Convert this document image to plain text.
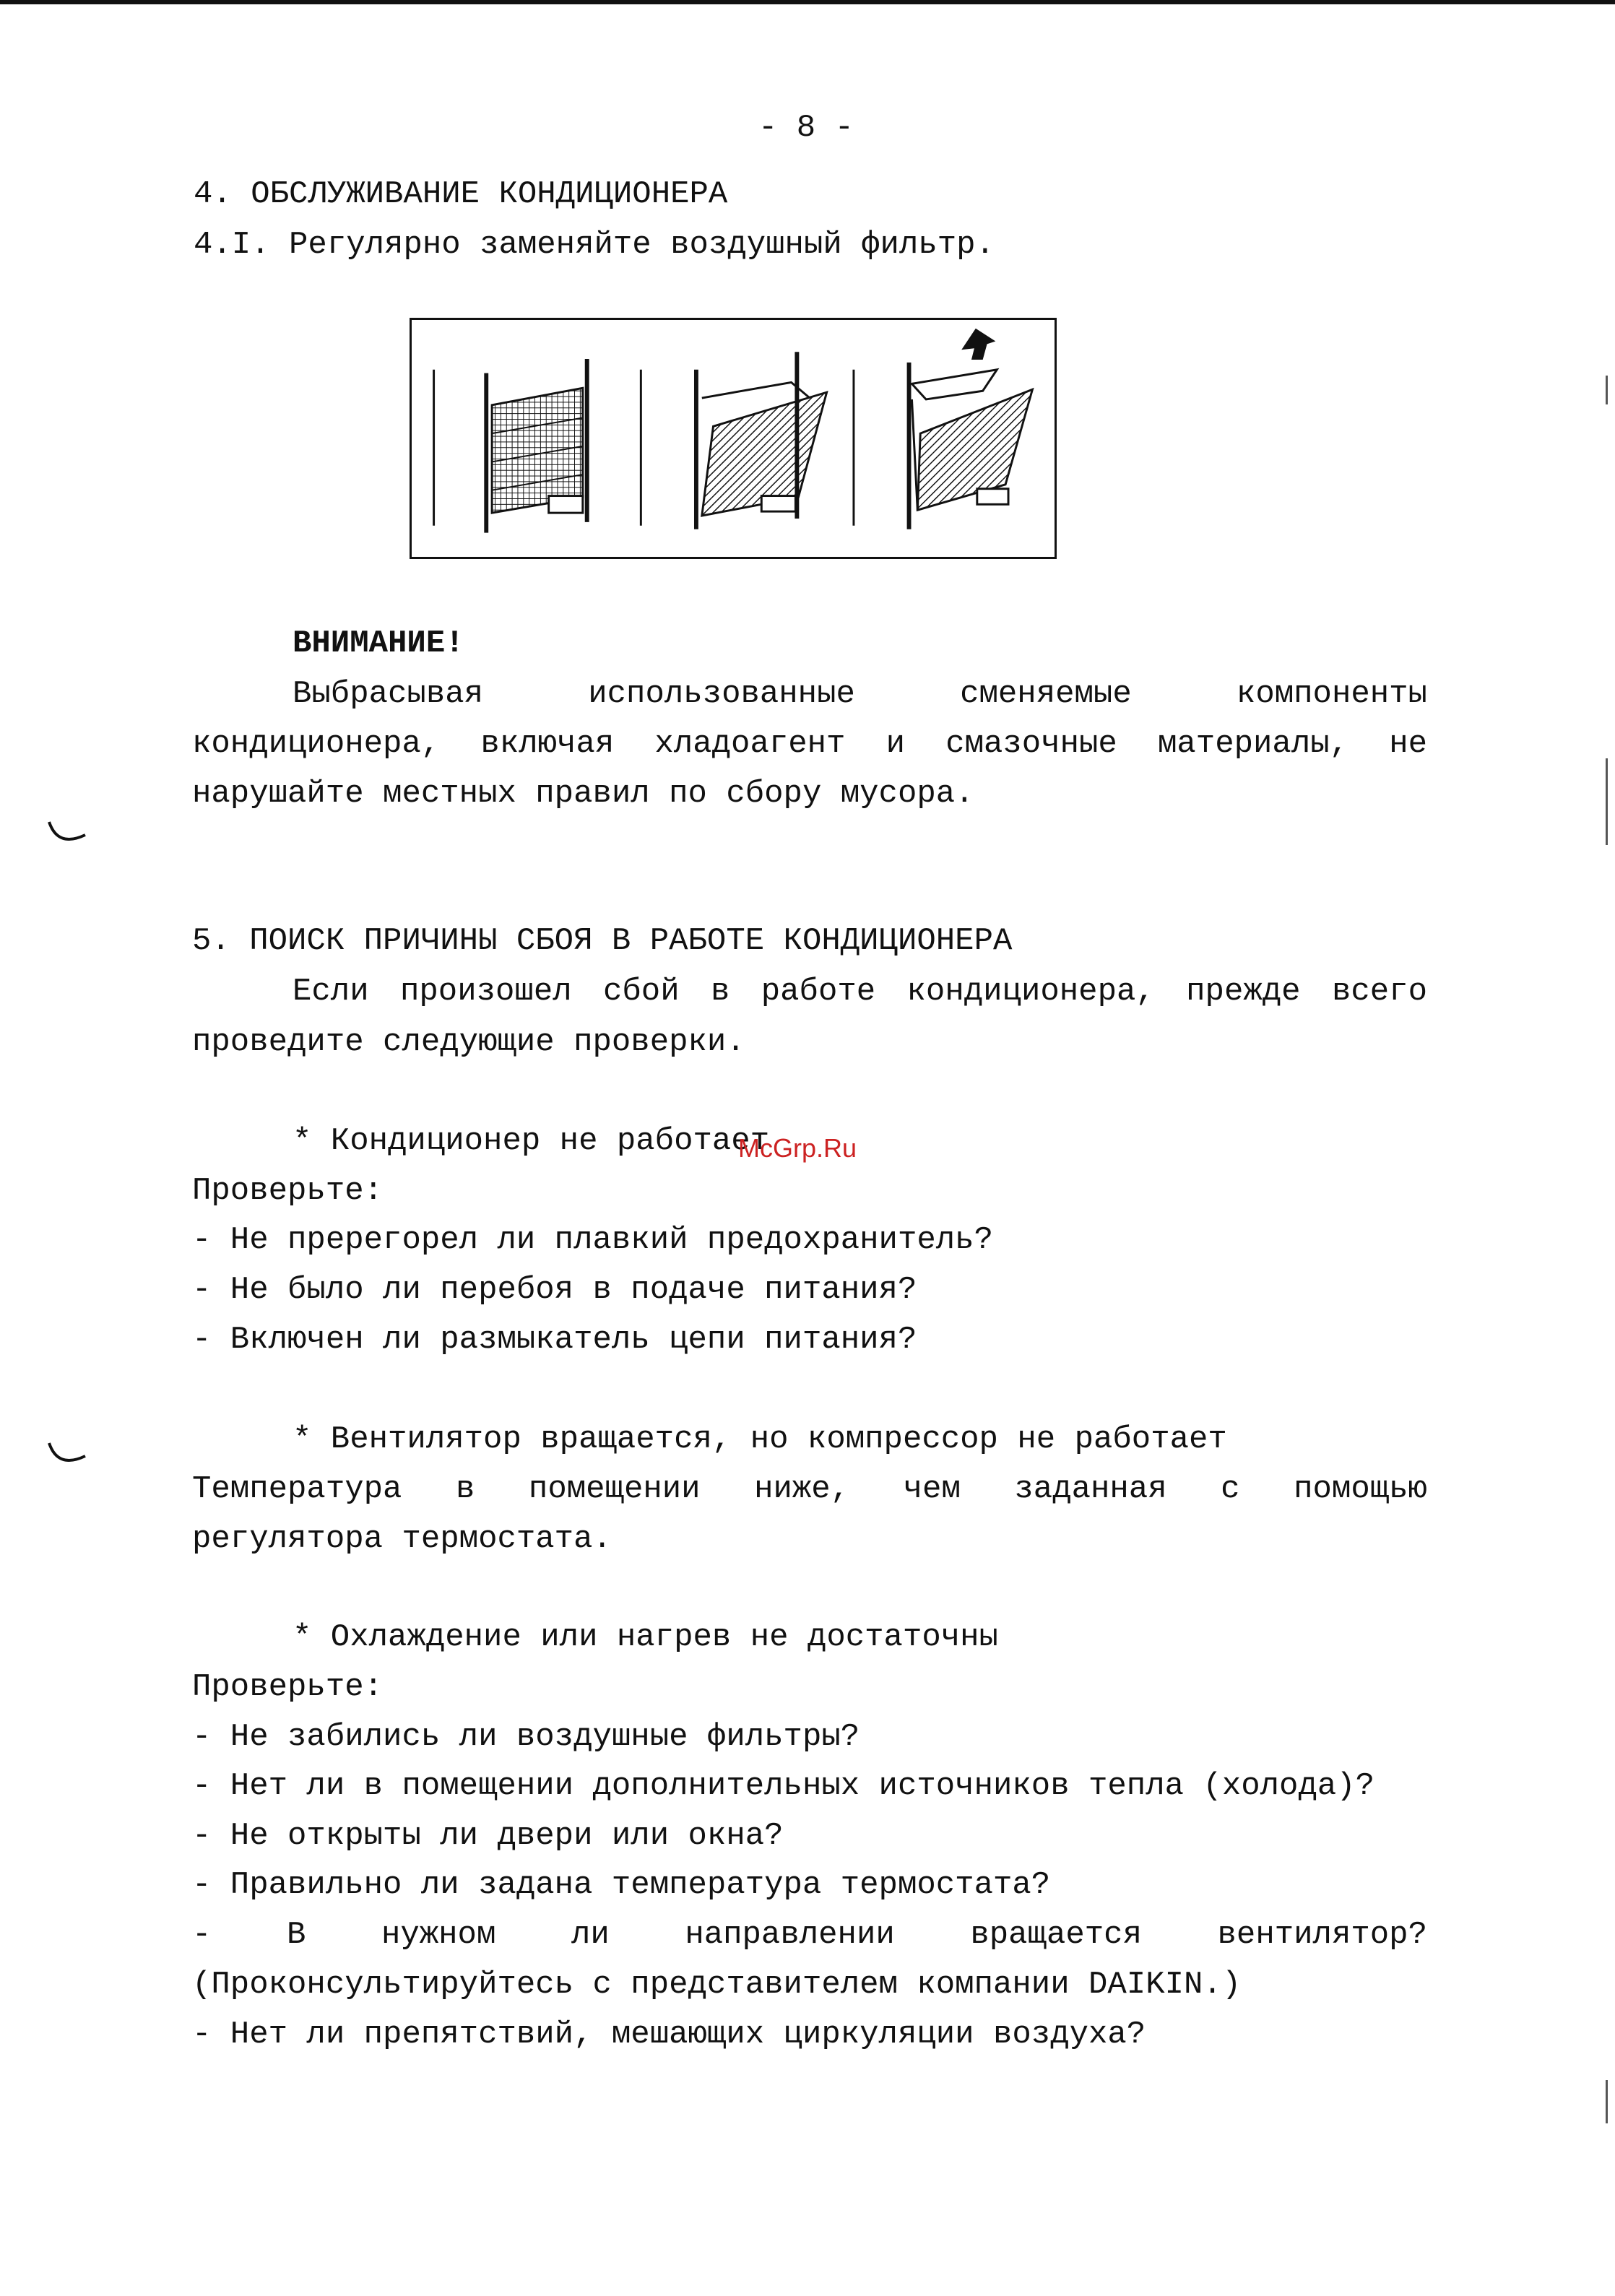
- 8 -
4. ОБСЛУЖИВАНИЕ КОНДИЦИОНЕРА
4.I. Регулярно заменяйте воздушный фильтр.
ВНИМАНИЕ!
Выбрасывая	использованные	сменяемые	компоненты
кондиционера, включая хладоагент и смазочные материалы, не
нарушайте местных правил по сбору мусора.
5. ПОИСК ПРИЧИНЫ СБОЯ В РАБОТЕ КОНДИЦИОНЕРА
Если произошел сбой в работе кондиционера, прежде всего
проведите следующие проверки.
* Кондиционер не работает
Проверьте:
- Не пререгорел ли плавкий предохранитель?
- Не было ли перебоя в подаче питания?
- Включен ли размыкатель цепи питания?
McGrp.Ru
* Вентилятор вращается, но компрессор не работает
Температура в помещении ниже, чем заданная с помощью
регулятора термостата.
* Охлаждение или нагрев не достаточны
Проверьте:
- Не забились ли воздушные фильтры?
- Нет ли в помещении дополнительных источников тепла (холода)?
- Не открыты ли двери или окна?
- Правильно ли задана температура термостата?
- В нужном ли направлении вращается вентилятор?
(Проконсультируйтесь с представителем компании DAIKIN.)
- Нет ли препятствий, мешающих циркуляции воздуха?
